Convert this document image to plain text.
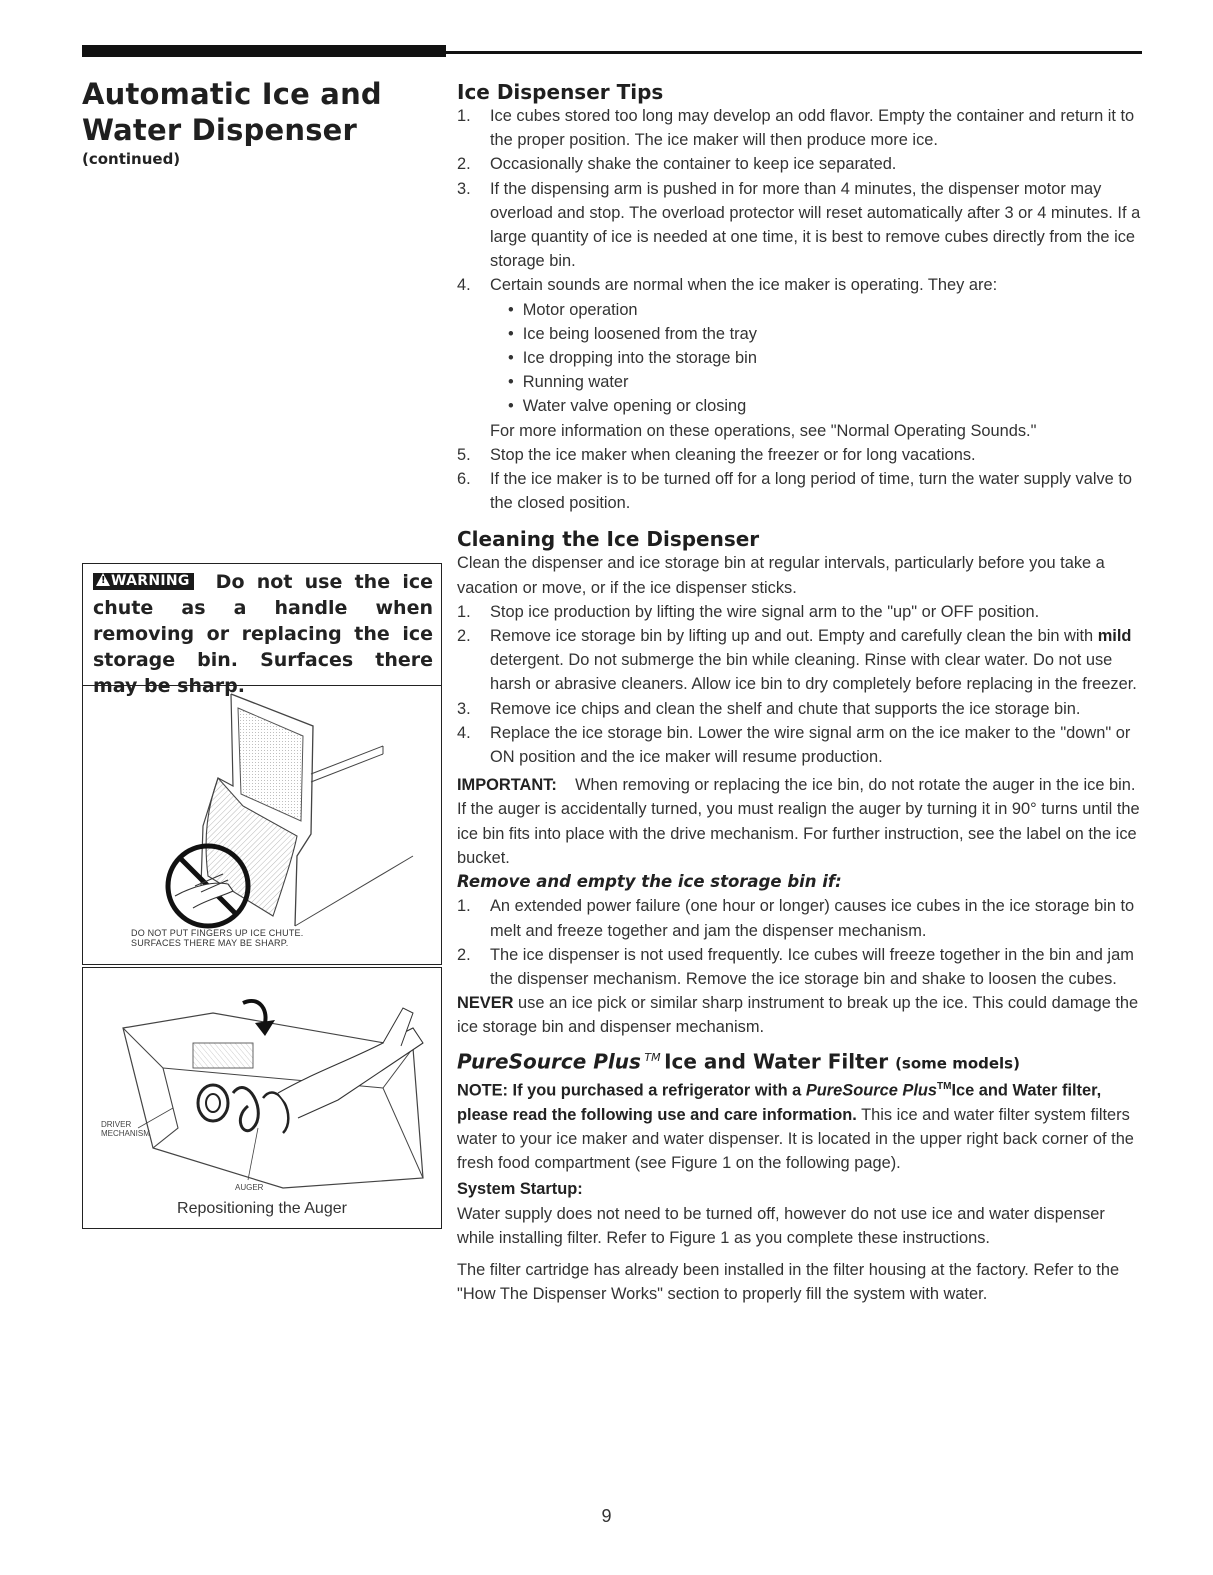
Automatic Ice and
Water Dispenser
(continued)
! WARNING Do not use the ice chute as a handle when removing or replacing the ice storage bin. Surfaces there may be sharp.
DO NOT PUT FINGERS UP ICE CHUTE.
SURFACES THERE MAY BE SHARP.
DRIVER
MECHANISM
AUGER
Repositioning the Auger
Ice Dispenser Tips
1. Ice cubes stored too long may develop an odd flavor. Empty the container and return it to the proper position. The ice maker will then produce more ice.
2. Occasionally shake the container to keep ice separated.
3. If the dispensing arm is pushed in for more than 4 minutes, the dispenser motor may overload and stop. The overload protector will reset automatically after 3 or 4 minutes. If a large quantity of ice is needed at one time, it is best to remove cubes directly from the ice storage bin.
4. Certain sounds are normal when the ice maker is operating. They are:
• Motor operation
• Ice being loosened from the tray
• Ice dropping into the storage bin
• Running water
• Water valve opening or closing
For more information on these operations, see "Normal Operating Sounds."
5. Stop the ice maker when cleaning the freezer or for long vacations.
6. If the ice maker is to be turned off for a long period of time, turn the water supply valve to the closed position.
Cleaning the Ice Dispenser
Clean the dispenser and ice storage bin at regular intervals, particularly before you take a vacation or move, or if the ice dispenser sticks.
1. Stop ice production by lifting the wire signal arm to the "up" or OFF position.
2. Remove ice storage bin by lifting up and out. Empty and carefully clean the bin with mild detergent. Do not submerge the bin while cleaning. Rinse with clear water. Do not use harsh or abrasive cleaners. Allow ice bin to dry completely before replacing in the freezer.
3. Remove ice chips and clean the shelf and chute that supports the ice storage bin.
4. Replace the ice storage bin. Lower the wire signal arm on the ice maker to the "down" or ON position and the ice maker will resume production.
IMPORTANT: When removing or replacing the ice bin, do not rotate the auger in the ice bin. If the auger is accidentally turned, you must realign the auger by turning it in 90° turns until the ice bin fits into place with the drive mechanism. For further instruction, see the label on the ice bucket.
Remove and empty the ice storage bin if:
1. An extended power failure (one hour or longer) causes ice cubes in the ice storage bin to melt and freeze together and jam the dispenser mechanism.
2. The ice dispenser is not used frequently. Ice cubes will freeze together in the bin and jam the dispenser mechanism. Remove the ice storage bin and shake to loosen the cubes.
NEVER use an ice pick or similar sharp instrument to break up the ice. This could damage the ice storage bin and dispenser mechanism.
PureSource Plus ™ Ice and Water Filter (some models)
NOTE: If you purchased a refrigerator with a PureSource Plus™Ice and Water filter, please read the following use and care information. This ice and water filter system filters water to your ice maker and water dispenser. It is located in the upper right back corner of the fresh food compartment (see Figure 1 on the following page).
System Startup:
Water supply does not need to be turned off, however do not use ice and water dispenser while installing filter. Refer to Figure 1 as you complete these instructions.
The filter cartridge has already been installed in the filter housing at the factory. Refer to the "How The Dispenser Works" section to properly fill the system with water.
9
